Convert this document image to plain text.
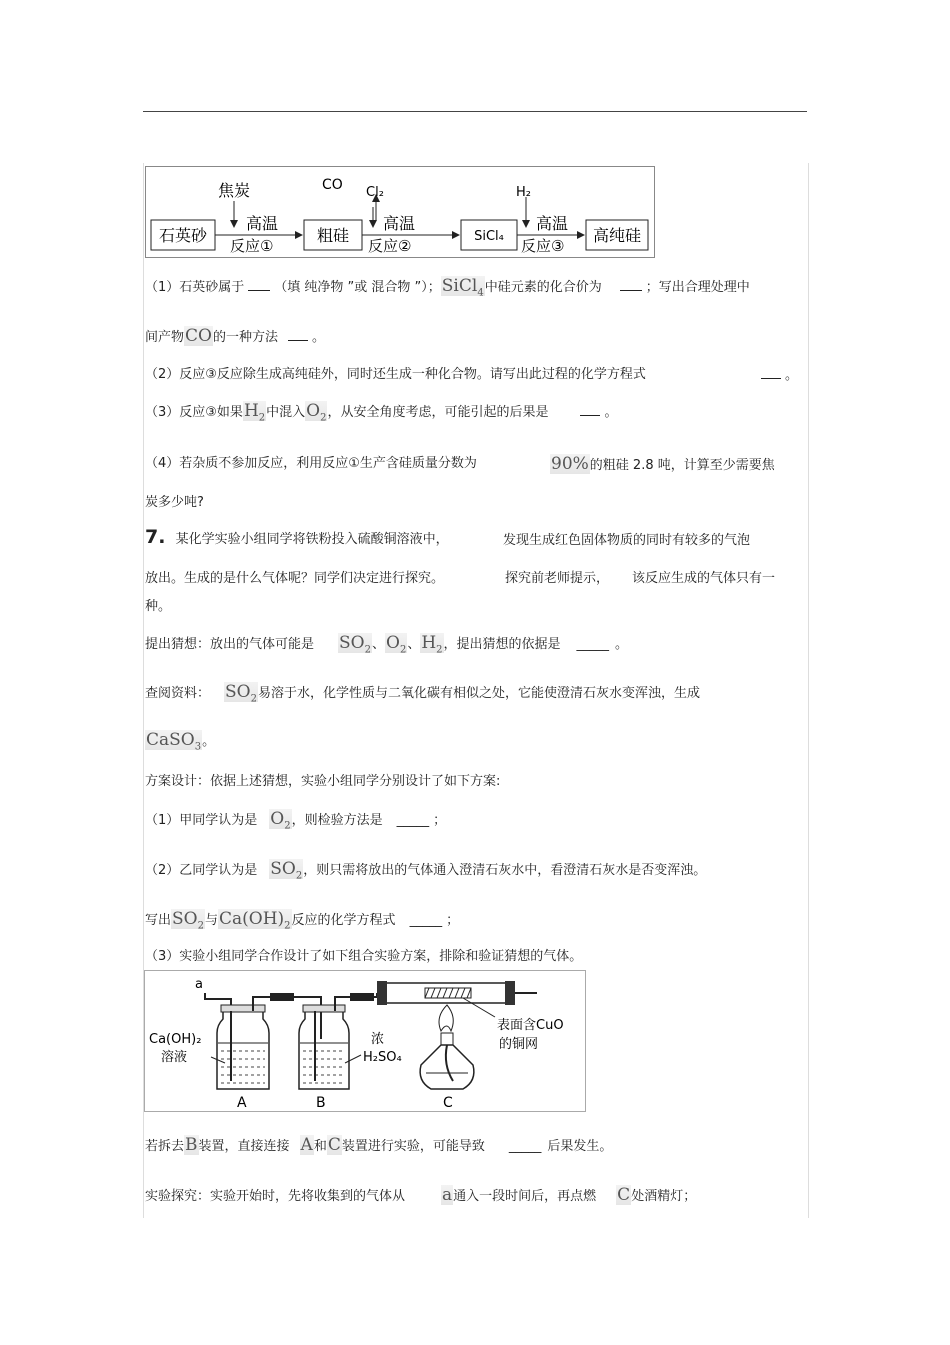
石英砂	粗硅	SiCl₄	高纯硅
焦炭	CO Cl₂	H₂
高温
反应①
高温
反应②
高温
反应③
（1）石英砂属于 （填 纯净物 ”或 混合物 ”）；SiCl$_4$中硅元素的化合价为	；写出合理处理中
间产物CO的一种方法	。
（2）反应③反应除生成高纯硅外，同时还生成一种化合物。请写出此过程的化学方程式	。
（3）反应③如果$H_2$中混入$O_2$，从安全角度考虑，可能引起的后果是	。
（4）若杂质不参加反应，利用反应①生产含硅质量分数为	90%的粗硅 2.8 吨，计算至少需要焦
炭多少吨?
7. 某化学实验小组同学将铁粉投入硫酸铜溶液中，	发现生成红色固体物质的同时有较多的气泡
放出。生成的是什么气体呢？同学们决定进行探究。	探究前老师提示， 该反应生成的气体只有一
种。
提出猜想：放出的气体可能是 $SO_2$、$O_2$、$H_2$，提出猜想的依据是 _____ 。
查阅资料： $SO_2$易溶于水，化学性质与二氧化碳有相似之处，它能使澄清石灰水变浑浊，生成
CaSO$_3$。
方案设计：依据上述猜想，实验小组同学分别设计了如下方案:
（1）甲同学认为是 $O_2$，则检验方法是 _____ ；
（2）乙同学认为是 $SO_2$，则只需将放出的气体通入澄清石灰水中，看澄清石灰水是否变浑浊。
写出$SO_2$与$Ca(OH)_2$反应的化学方程式 _____ ；
（3）实验小组同学合作设计了如下组合实验方案，排除和验证猜想的气体。
a
Ca(OH)₂
溶液
浓
H₂SO₄
表面含CuO
的铜网
A	B	C
若拆去B装置，直接连接 A和C装置进行实验，可能导致 _____ 后果发生。
实验探究：实验开始时，先将收集到的气体从 a通入一段时间后，再点燃 C处酒精灯；
